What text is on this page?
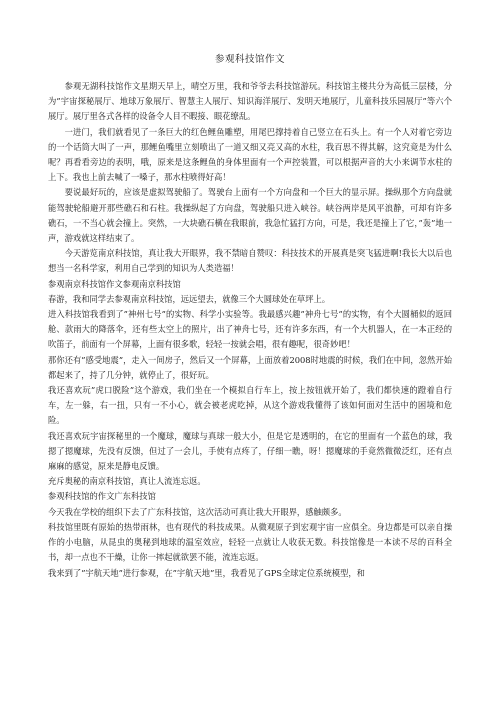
参观科技馆作文

参观无湖科技馆作文星期天早上，晴空万里，我和爷爷去科技馆游玩。科技馆主楼共分为高低三层楼，分为”宇宙探秘展厅、地球万象展厅、智慧主人展厅、知识海洋展厅、发明天地展厅，儿童科技乐园展厅”等六个展厅。展厅里各式各样的设备令人目不暇接、眼花缭乱。

一进门，我们就看见了一条巨大的红色鲤鱼雕塑，用尾巴撑持着自己竖立在石头上。有一个人对着它旁边的一个话筒大叫了一声，那鲤鱼嘴里立刻喷出了一道又细又亮又高的水柱，我百思不得其解，这究竟是为什么呢？再看看旁边的表明，哦，原来是这条鲤鱼的身体里面有一个声控装置，可以根据声音的大小来调节水柱的上下。我也上前去喊了一嗓子，那水柱喷得好高！

要说最好玩的，应该是虚拟驾驶船了。驾驶台上面有一个方向盘和一个巨大的显示屏。操纵那个方向盘就能驾驶轮船避开那些礁石和石柱。我操纵起了方向盘，驾驶船只进入峡谷。峡谷两岸是风平浪静，可却有许多礁石，一不当心就会撞上。突然，一大块礁石横在我眼前，我急忙猛打方向，可是，我还是撞上了它，”轰”地一声，游戏就这样结束了。

今天游览南京科技馆，真让我大开眼界，我不禁暗自赞叹：科技技术的开展真是突飞猛进啊!我长大以后也想当一名科学家，利用自己学到的知识为人类造福！

参观南京科技馆作文参观南京科技馆

春游，我和同学去参观南京科技馆，远远望去，就像三个大圆球处在草坪上。

进入科技馆我看到了”神州七号”的实物、科学小实验等。我最感兴趣”神舟七号”的实物，有个大圆桶似的返回舱、款雨大的降落伞，还有些太空上的照片，出了神舟七号，还有许多东西，有一个大机器人，在一本正经的吹笛子，前面有一个屏幕，上面有很多歌，轻轻一按就会唱，很有趣呢，很奇妙吧！

那你还有”感受地震”，走入一间房子，然后又一个屏幕，上面放着2008时地震的时候，我们在中间，忽然开始都起来了，持了几分钟，就停止了，很好玩。

我还喜欢玩”虎口脱险”这个游戏，我们坐在一个模拟自行车上，按上按钮就开始了，我们都快速的蹬着自行车，左一躲，右一扭，只有一不小心，就会被老虎吃掉，从这个游戏我懂得了该如何面对生活中的困境和危险。

我还喜欢玩宇宙探秘里的一个魔球，魔球与真球一般大小，但是它是透明的，在它的里面有一个蓝色的球，我摁了摁魔球，先没有反馈，但过了一会儿，手使有点疼了，仔细一瞧，呀！摁魔球的手竟然微微泛红，还有点麻麻的感觉，原来是静电反馈。

充斥奥秘的南京科技馆，真让人流连忘返。

参观科技馆的作文广东科技馆

今天我在学校的组织下去了广东科技馆，这次活动可真让我大开眼界，感触颇多。

科技馆里既有原始的热带雨林，也有现代的科技成果。从微观原子到宏观宇宙一应俱全。身边都是可以亲自操作的小电脑，从昆虫的奥秘到地球的温室效应，轻轻一点就让人收获无数。科技馆像是一本读不尽的百科全书，却一点也不干燥，让你一摔起就欲罢不能，流连忘返。

我来到了”宇航天地”进行参观，在”宇航天地”里，我看见了GPS全球定位系统模型，和
